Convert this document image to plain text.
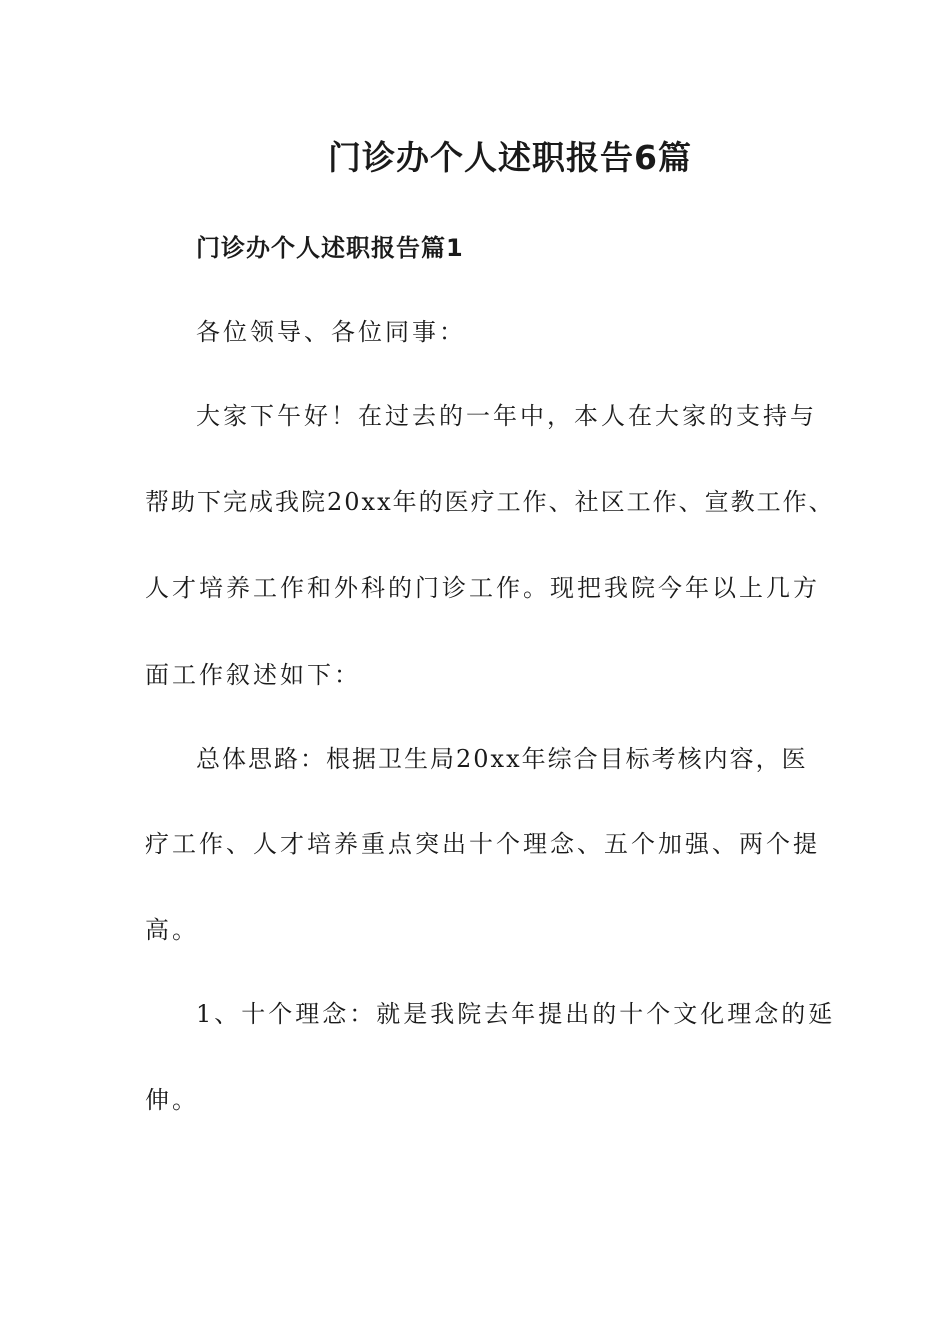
门诊办个人述职报告6篇
门诊办个人述职报告篇1
各位领导、各位同事：
大家下午好！在过去的一年中，本人在大家的支持与
帮助下完成我院20xx年的医疗工作、社区工作、宣教工作、
人才培养工作和外科的门诊工作。现把我院今年以上几方
面工作叙述如下：
总体思路：根据卫生局20xx年综合目标考核内容，医
疗工作、人才培养重点突出十个理念、五个加强、两个提
高。
1、十个理念：就是我院去年提出的十个文化理念的延
伸。
